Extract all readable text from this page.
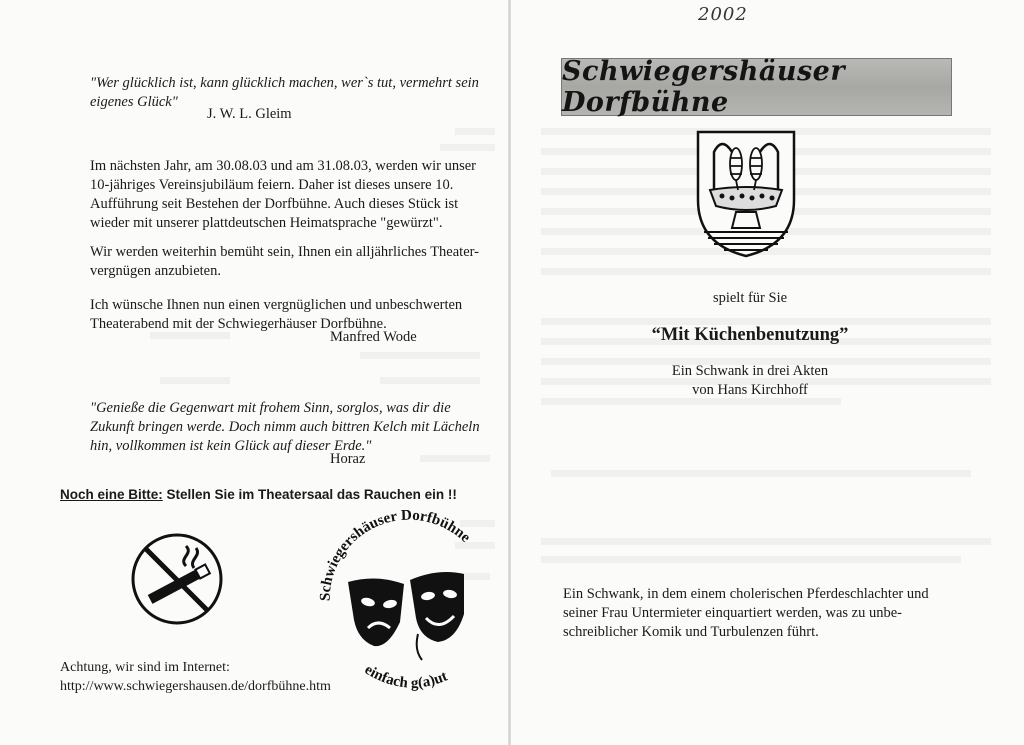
"Wer glücklich ist, kann glücklich machen, wer`s tut, vermehrt sein
eigenes Glück"
J. W. L. Gleim
Im nächsten Jahr, am 30.08.03 und am 31.08.03, werden wir unser
10-jähriges Vereinsjubiläum feiern. Daher ist dieses unsere 10.
Aufführung seit Bestehen der Dorfbühne. Auch dieses Stück ist
wieder mit unserer plattdeutschen Heimatsprache "gewürzt".
Wir werden weiterhin bemüht sein, Ihnen ein alljährliches Theater-
vergnügen anzubieten.
Ich wünsche Ihnen nun einen vergnüglichen und unbeschwerten
Theaterabend mit der Schwiegerhäuser Dorfbühne.
Manfred Wode
"Genieße die Gegenwart mit frohem Sinn, sorglos, was dir die
Zukunft bringen werde. Doch nimm auch bittren Kelch mit Lächeln
hin, vollkommen ist kein Glück auf dieser Erde."
Horaz
Noch eine Bitte: Stellen Sie im Theatersaal das Rauchen ein !!
Schwiegershäuser Dorfbühne
einfach g(a)ut
Achtung, wir sind im Internet:
http://www.schwiegershausen.de/dorfbühne.htm
2002
Schwiegershäuser Dorfbühne
spielt für Sie
“Mit Küchenbenutzung”
Ein Schwank in drei Akten
von Hans Kirchhoff
Ein Schwank, in dem einem cholerischen Pferdeschlachter und
seiner Frau Untermieter einquartiert werden, was zu unbe-
schreiblicher Komik und Turbulenzen führt.
